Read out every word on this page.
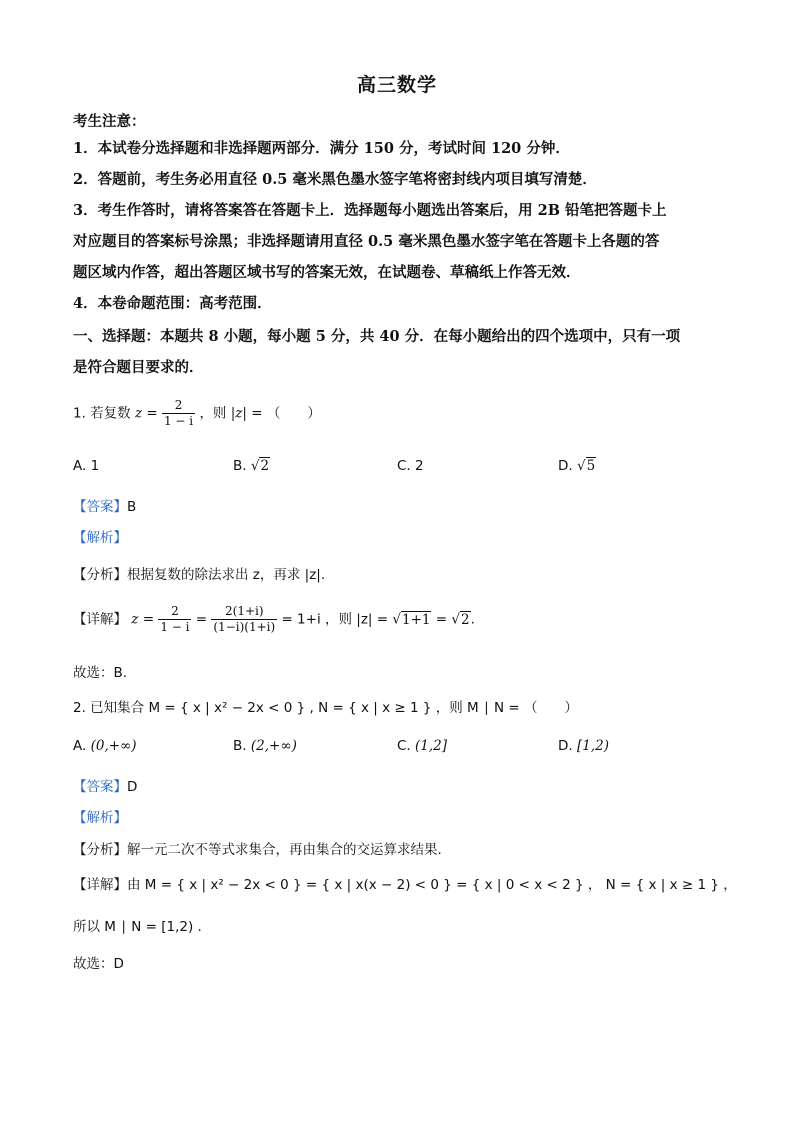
高三数学
考生注意：
1．本试卷分选择题和非选择题两部分．满分 150 分，考试时间 120 分钟．
2．答题前，考生务必用直径 0.5 毫米黑色墨水签字笔将密封线内项目填写清楚．
3．考生作答时，请将答案答在答题卡上．选择题每小题选出答案后，用 2B 铅笔把答题卡上
对应题目的答案标号涂黑；非选择题请用直径 0.5 毫米黑色墨水签字笔在答题卡上各题的答
题区域内作答，超出答题区域书写的答案无效，在试题卷、草稿纸上作答无效．
4．本卷命题范围：高考范围．
一、选择题：本题共 8 小题，每小题 5 分，共 40 分．在每小题给出的四个选项中，只有一项
是符合题目要求的．
1. 若复数 $z = \frac{2}{1 - i}$ ，则 |z| = （　　）
A. 1	B. √2	C. 2	D. √5
【答案】B
【解析】
【分析】根据复数的除法求出 z，再求 |z|.
【详解】 $z = \frac{2}{1 - i} = \frac{2(1+i)}{(1-i)(1+i)} = 1+i$ ，则 |z| = √1+1 = √2.
故选：B.
2. 已知集合 M = { x | x² − 2x < 0 } , N = { x | x ≥ 1 } ，则 M ∣ N = （　　）
A. (0,+∞)	B. (2,+∞)	C. (1,2]	D. [1,2)
【答案】D
【解析】
【分析】解一元二次不等式求集合，再由集合的交运算求结果.
【详解】由 M = { x | x² − 2x < 0 } = { x | x(x − 2) < 0 } = { x | 0 < x < 2 } ， N = { x | x ≥ 1 } ，
所以 M ∣ N = [1,2) .
故选：D
